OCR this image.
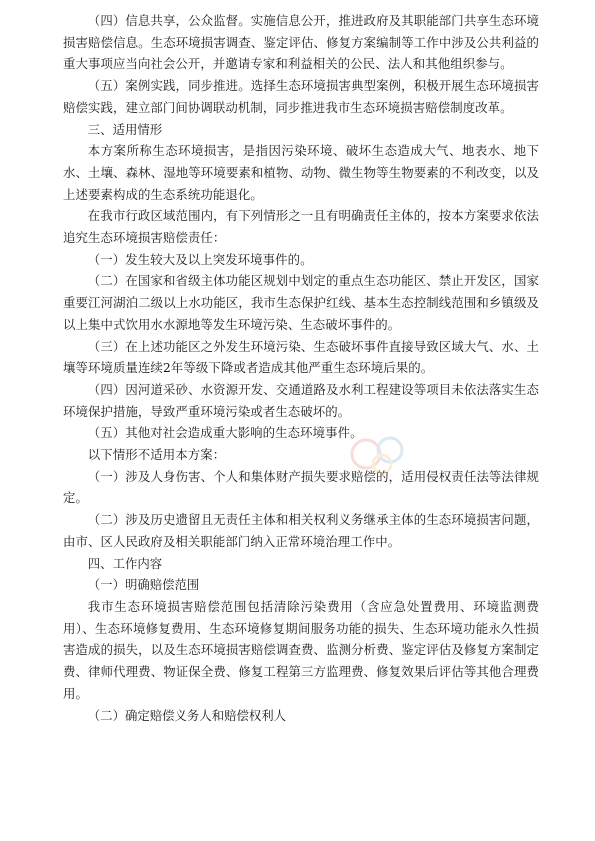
（四）信息共享，公众监督。实施信息公开，推进政府及其职能部门共享生态环境损害赔偿信息。生态环境损害调查、鉴定评估、修复方案编制等工作中涉及公共利益的重大事项应当向社会公开，并邀请专家和利益相关的公民、法人和其他组织参与。

（五）案例实践，同步推进。选择生态环境损害典型案例，积极开展生态环境损害赔偿实践，建立部门间协调联动机制，同步推进我市生态环境损害赔偿制度改革。

三、适用情形

本方案所称生态环境损害，是指因污染环境、破坏生态造成大气、地表水、地下水、土壤、森林、湿地等环境要素和植物、动物、微生物等生物要素的不利改变，以及上述要素构成的生态系统功能退化。

在我市行政区域范围内，有下列情形之一且有明确责任主体的，按本方案要求依法追究生态环境损害赔偿责任：

（一）发生较大及以上突发环境事件的。

（二）在国家和省级主体功能区规划中划定的重点生态功能区、禁止开发区，国家重要江河湖泊二级以上水功能区，我市生态保护红线、基本生态控制线范围和乡镇级及以上集中式饮用水水源地等发生环境污染、生态破坏事件的。

（三）在上述功能区之外发生环境污染、生态破坏事件直接导致区域大气、水、土壤等环境质量连续2年等级下降或者造成其他严重生态环境后果的。

（四）因河道采砂、水资源开发、交通道路及水利工程建设等项目未依法落实生态环境保护措施，导致严重环境污染或者生态破坏的。

（五）其他对社会造成重大影响的生态环境事件。

以下情形不适用本方案：

（一）涉及人身伤害、个人和集体财产损失要求赔偿的，适用侵权责任法等法律规定。

（二）涉及历史遗留且无责任主体和相关权利义务继承主体的生态环境损害问题，由市、区人民政府及相关职能部门纳入正常环境治理工作中。

四、工作内容

（一）明确赔偿范围

我市生态环境损害赔偿范围包括清除污染费用（含应急处置费用、环境监测费用）、生态环境修复费用、生态环境修复期间服务功能的损失、生态环境功能永久性损害造成的损失，以及生态环境损害赔偿调查费、监测分析费、鉴定评估及修复方案制定费、律师代理费、物证保全费、修复工程第三方监理费、修复效果后评估等其他合理费用。

（二）确定赔偿义务人和赔偿权利人
